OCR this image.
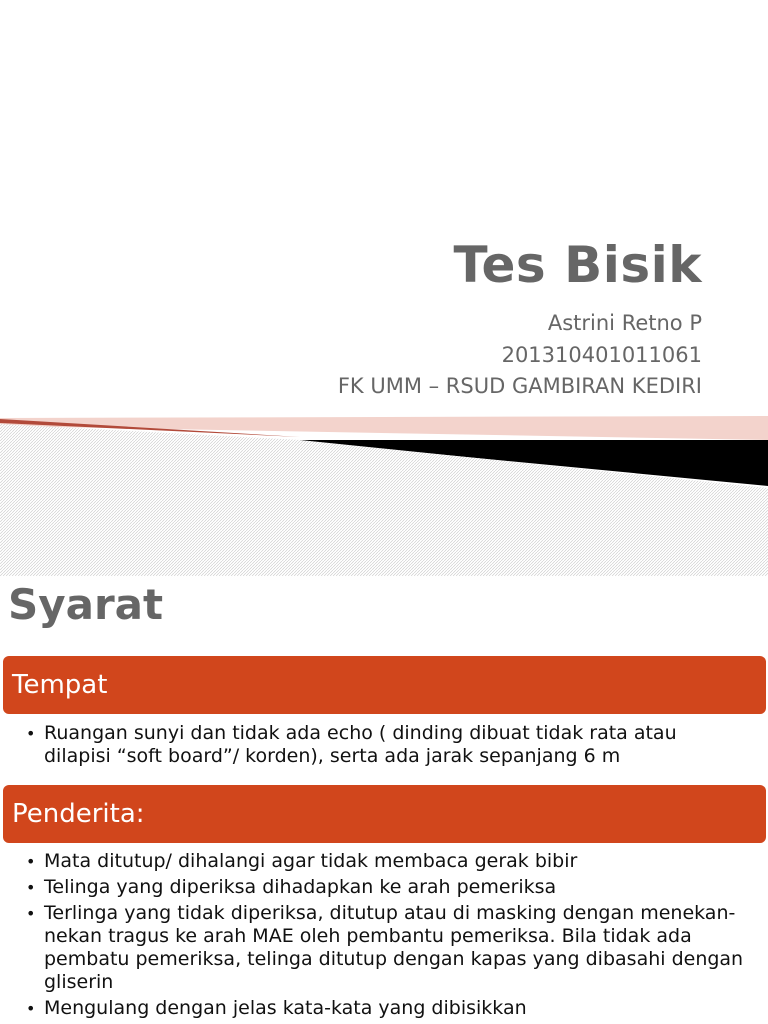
Tes Bisik
Astrini Retno P
201310401011061
FK UMM – RSUD GAMBIRAN KEDIRI
Syarat
Tempat
• Ruangan sunyi dan tidak ada echo ( dinding dibuat tidak rata atau dilapisi “soft board”/ korden), serta ada jarak sepanjang 6 m
Penderita:
• Mata ditutup/ dihalangi agar tidak membaca gerak bibir
• Telinga yang diperiksa dihadapkan ke arah pemeriksa
• Terlinga yang tidak diperiksa, ditutup atau di masking dengan menekan- nekan tragus ke arah MAE oleh pembantu pemeriksa. Bila tidak ada pembatu pemeriksa, telinga ditutup dengan kapas yang dibasahi dengan gliserin
• Mengulang dengan jelas kata-kata yang dibisikkan
